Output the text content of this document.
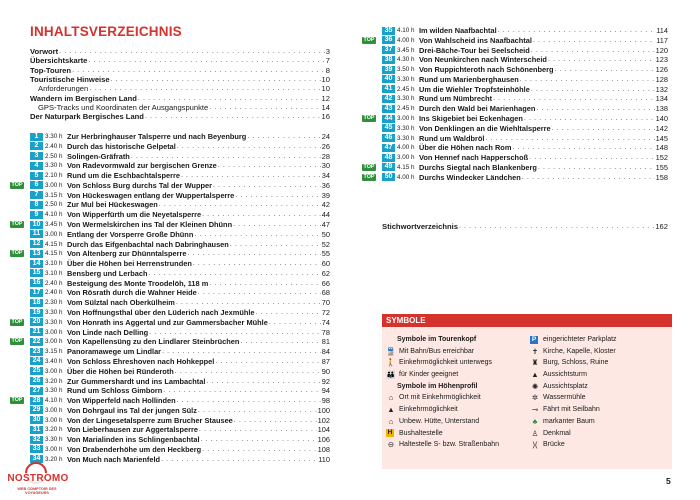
INHALTSVERZEICHNIS
Vorwort . . .	3
Übersichtskarte . . .	7
Top-Touren . . .	8
Touristische Hinweise . . .	10
Anforderungen . . .	10
Wandern im Bergischen Land . . .	12
GPS-Tracks und Koordinaten der Ausgangspunkte . . .	14
Der Naturpark Bergisches Land . . .	16
1	3.30 h Zur Herbringhauser Talsperre und nach Beyenburg . . .	24
2	2.40 h Durch das historische Gelpetal . . .	26
3	2.50 h Solingen-Gräfrath . . .	28
4	3.30 h Von Radevormwald zur bergischen Grenze . . .	30
5	2.10 h Rund um die Eschbachtalsperre . . .	34
TOP	6	3.00 h Von Schloss Burg durchs Tal der Wupper . . .	36
7	3.15 h Von Hückeswagen entlang der Wuppertalsperre . . .	39
8	2.50 h Zur Mul bei Hückeswagen . . .	42
9	4.10 h Von Wipperfürth um die Neyetalsperre . . .	44
TOP	10 3.45 h Von Wermelskirchen ins Tal der Kleinen Dhünn . . .	47
11 3.00 h Entlang der Vorsperre Große Dhünn . . .	50
12 4.15 h Durch das Eifgenbachtal nach Dabringhausen . . .	52
TOP	13 4.15 h Von Altenberg zur Dhünntalsperre . . .	55
14 3.10 h Über die Höhen bei Herrenstrunden . . .	60
15 3.10 h Bensberg und Lerbach . . .	62
16 2.40 h Besteigung des Monte Troodelöh, 118 m . . .	66
17 2.40 h Von Rösrath durch die Wahner Heide . . .	68
18 2.30 h Vom Sülztal nach Oberkülheim . . .	70
19 3.30 h Von Hoffnungsthal über den Lüderich nach Jexmühle . . .	72
TOP	20 3.30 h Von Honrath ins Aggertal und zur Gammersbacher Mühle . . .	74
21 3.00 h Von Linde nach Delling . . .	78
TOP	22 3.00 h Von Kapellensüng zu den Lindlarer Steinbrüchen . . .	81
23 3.15 h Panoramawege um Lindlar . . .	84
24 3.40 h Von Schloss Ehreshoven nach Hohkeppel . . .	87
25 3.00 h Über die Höhen bei Ründeroth . . .	90
26 3.20 h Zur Gummershardt und ins Lambachtal . . .	92
27 3.30 h Rund um Schloss Gimborn . . .	94
TOP	28 4.10 h Von Wipperfeld nach Hollinden . . .	98
29 3.00 h Von Dohrgaul ins Tal der jungen Sülz . . .	100
30 3.00 h Von der Lingesetalsperre zum Brucher Stausee . . .	102
31 3.20 h Von Lieberhausen zur Aggertalsperre . . .	104
32 3.30 h Von Marialinden ins Schlingenbachtal . . .	106
33 3.00 h Von Drabenderhöhe um den Heckberg . . .	108
34 3.20 h Von Much nach Marienfeld . . .	110
35 4.10 h Im wilden Naafbachtal . . .	114
TOP	36 4.00 h Von Wahlscheid ins Naafbachtal . . .	117
37 3.45 h Drei-Bäche-Tour bei Seelscheid . . .	120
38 4.30 h Von Neunkirchen nach Winterscheid . . .	123
39 3.50 h Von Ruppichteroth nach Schönenberg . . .	126
40 3.30 h Rund um Marienberghausen . . .	128
41 2.45 h Um die Wiehler Tropfsteinhöhle . . .	132
42 3.30 h Rund um Nümbrecht . . .	134
43 2.45 h Durch den Wald bei Marienhagen . . .	138
TOP	44 3.00 h Ins Skigebiet bei Eckenhagen . . .	140
45 3.30 h Von Denklingen an die Wiehltalsperre . . .	142
46 3.30 h Rund um Waldbröl . . .	145
47 4.00 h Über die Höhen nach Rom . . .	148
48 3.00 h Von Hennef nach Happerschoß . . .	152
TOP	49 4.15 h Durchs Siegtal nach Blankenberg . . .	155
TOP	50 4.00 h Durchs Windecker Ländchen . . .	158
Stichwortverzeichnis . . .	162
SYMBOLE
Symbole im Tourenkopf
🚆 Mit Bahn/Bus erreichbar
🚶 Einkehrmöglichkeit unterwegs
👪 für Kinder geeignet
Symbole im Höhenprofil
⌂ Ort mit Einkehrmöglichkeit
▲ Einkehrmöglichkeit
⌂ Unbew. Hütte, Unterstand
H Bushaltestelle
⊖ Haltestelle S- bzw. Straßenbahn
P eingerichteter Parkplatz
✝ Kirche, Kapelle, Kloster
♜ Burg, Schloss, Ruine
▲ Aussichtsturm
✺ Aussichtsplatz
✲ Wassermühle
⊸ Fährt mit Seilbahn
♣ markanter Baum
♙ Denkmal
)( Brücke
5
NOSTROMO
WEB COMPTOIR DES VOYAGEURS
